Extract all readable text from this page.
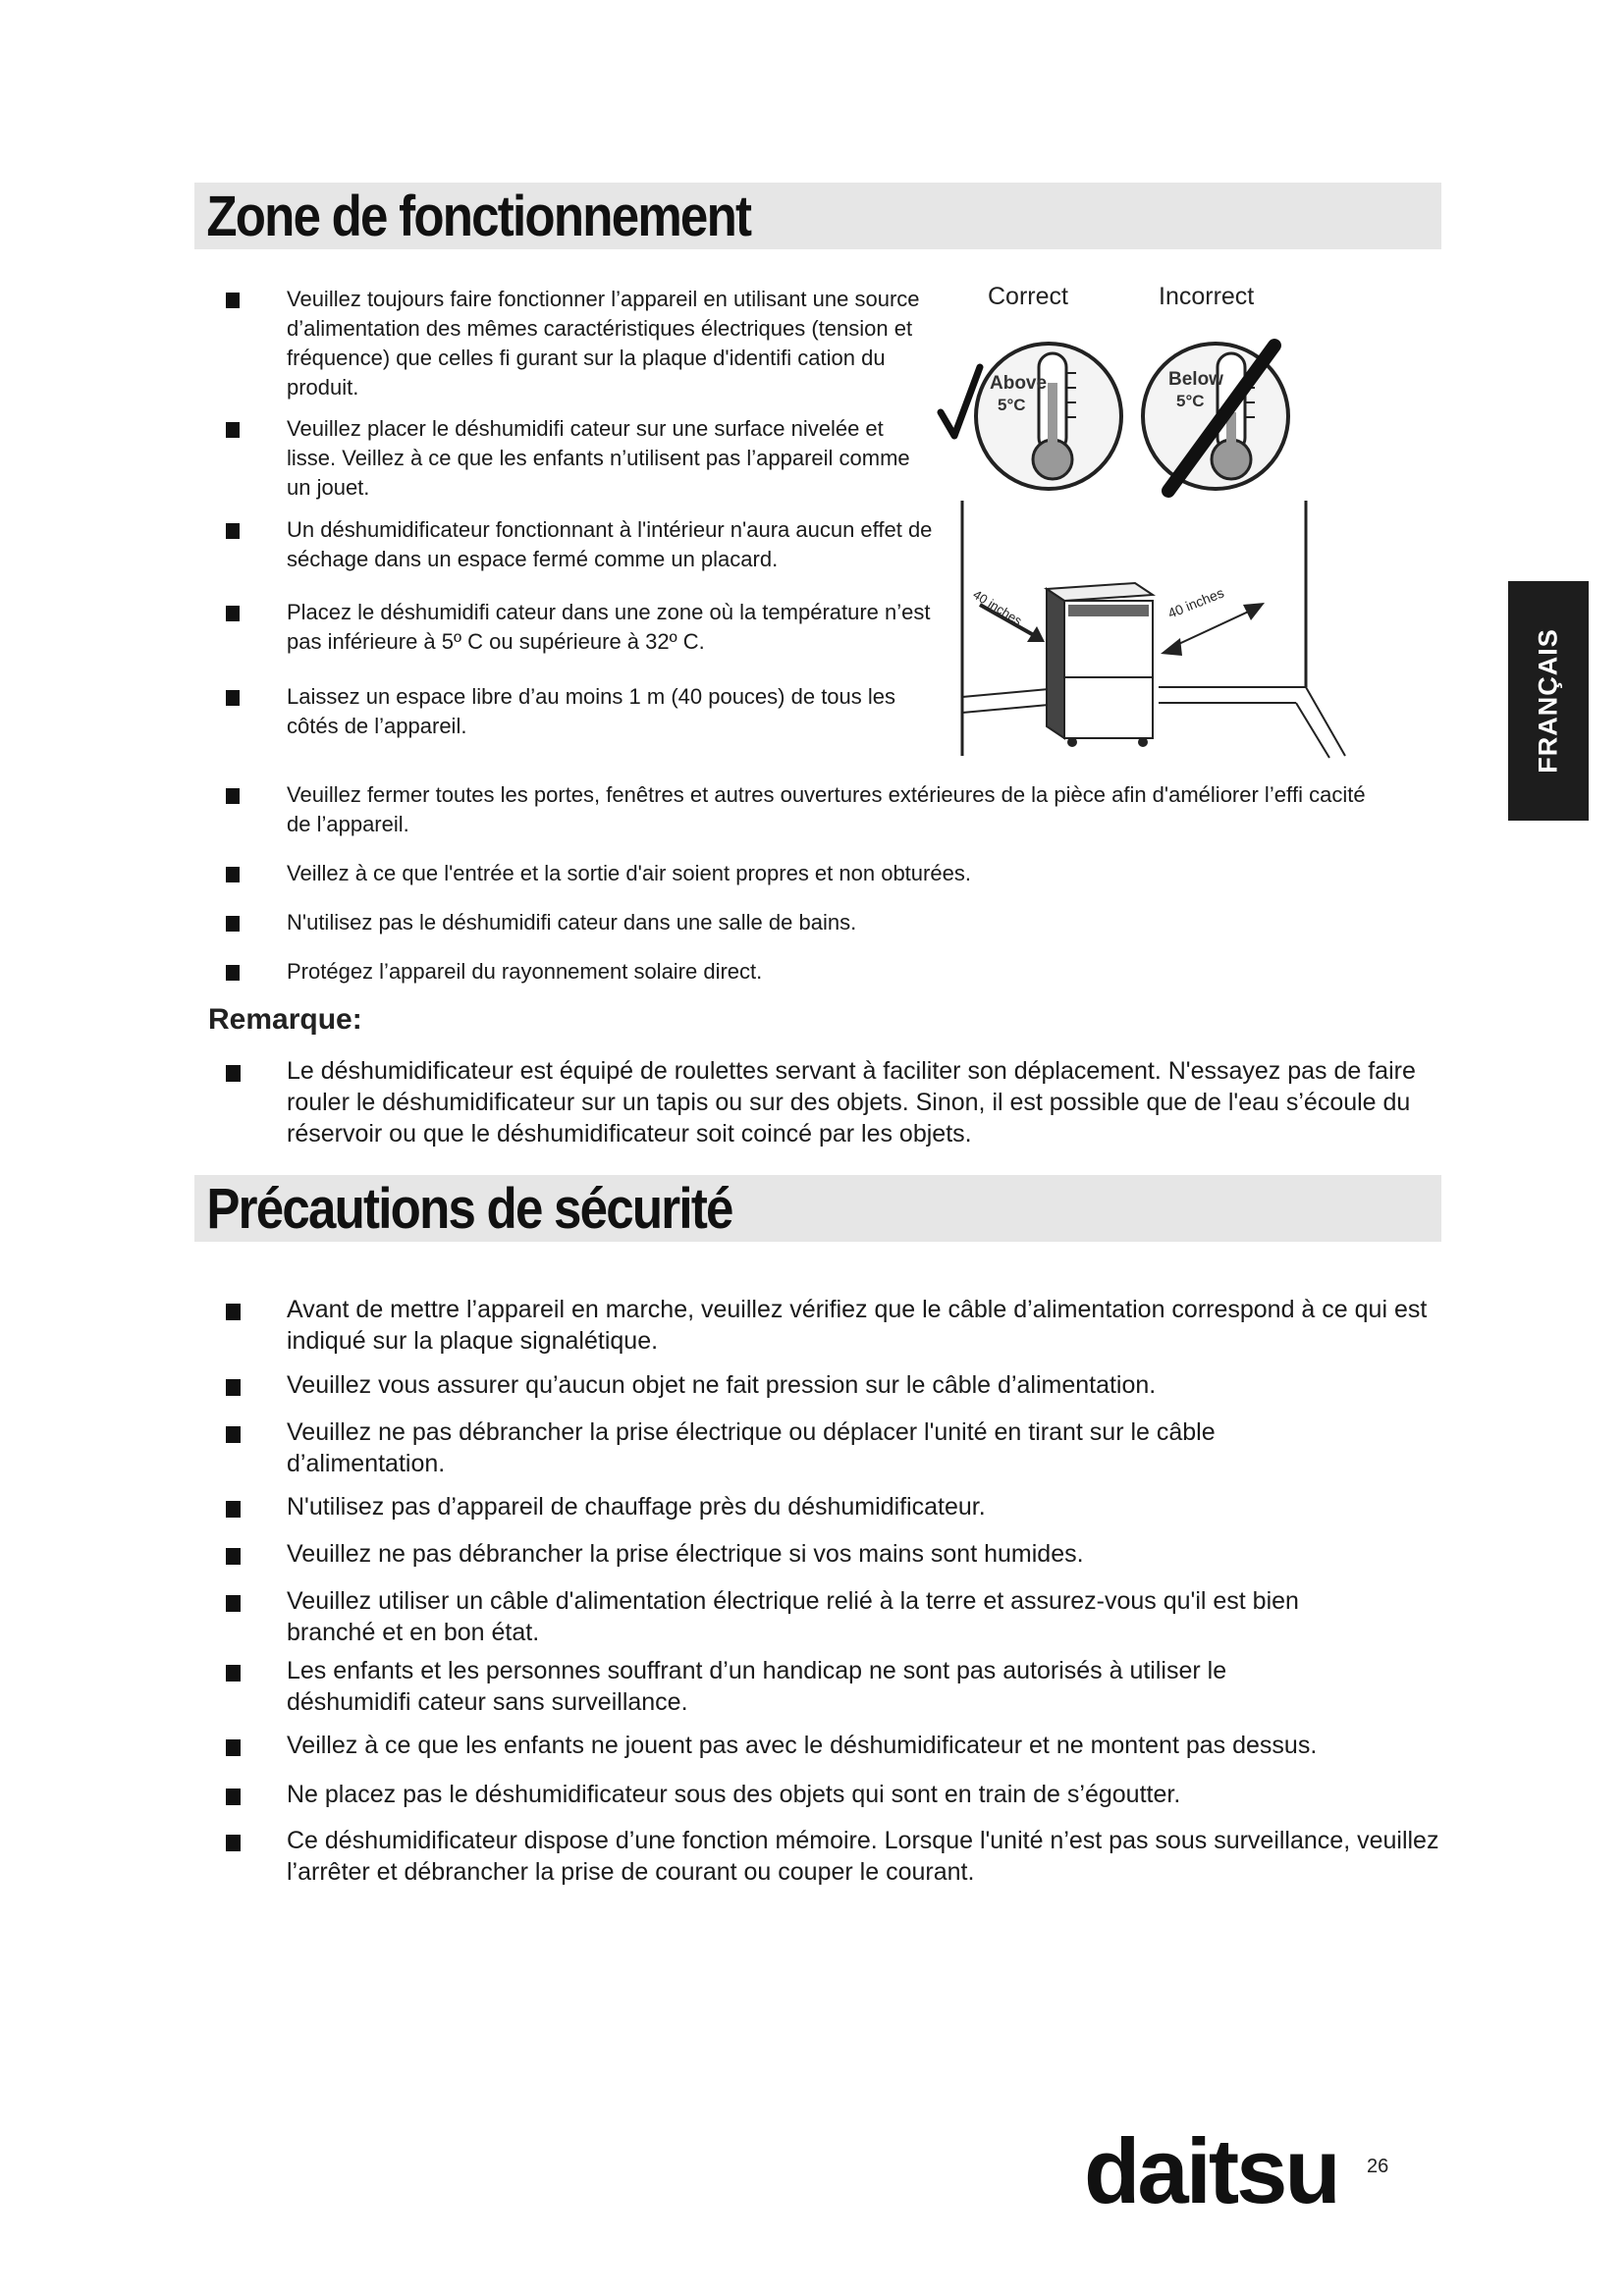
Zone de fonctionnement
Veuillez toujours faire fonctionner l’appareil en utilisant une source d’alimentation des mêmes caractéristiques électriques (tension et fréquence) que celles ﬁ gurant sur la plaque d'identiﬁ cation du produit.
Veuillez placer le déshumidiﬁ cateur sur une surface nivelée et lisse. Veillez à ce que les enfants n’utilisent pas l’appareil comme un jouet.
Un déshumidiﬁcateur fonctionnant à l'intérieur n'aura aucun effet de séchage dans un espace fermé comme un placard.
Placez le déshumidiﬁ cateur dans une zone où la température n’est pas inférieure à 5º C ou supérieure à 32º C.
Laissez un espace libre d’au moins 1 m (40 pouces) de tous les côtés de l’appareil.
Veuillez fermer toutes les portes, fenêtres et autres ouvertures extérieures de la pièce aﬁn d'améliorer l’efﬁ cacité de l’appareil.
Veillez à ce que l'entrée et la sortie d'air soient propres et non obturées.
N'utilisez pas le déshumidiﬁ cateur dans une salle de bains.
Protégez l’appareil du rayonnement solaire direct.
Correct	Incorrect
Above
5°C
Below
5°C
40 inches	40 inches
Remarque:
Le déshumidiﬁcateur est équipé de roulettes servant à faciliter son déplacement. N'essayez pas de faire rouler le déshumidiﬁcateur sur un tapis ou sur des objets. Sinon, il est possible que de l'eau s’écoule du réservoir ou que le déshumidiﬁcateur soit coincé par les objets.
Précautions de sécurité
Avant de mettre l’appareil en marche, veuillez vériﬁez que le câble d’alimentation correspond à ce qui est indiqué sur la plaque signalétique.
Veuillez vous assurer qu’aucun objet ne fait pression sur le câble d’alimentation.
Veuillez ne pas débrancher la prise électrique ou déplacer l'unité en tirant sur le câble d’alimentation.
N'utilisez pas d’appareil de chauffage près du déshumidiﬁcateur.
Veuillez ne pas débrancher la prise électrique si vos mains sont humides.
Veuillez utiliser un câble d'alimentation électrique relié à la terre et assurez-vous qu'il est bien branché et en bon état.
Les enfants et les personnes souffrant d’un handicap ne sont pas autorisés à utiliser le déshumidiﬁ cateur sans surveillance.
Veillez à ce que les enfants ne jouent pas avec le déshumidiﬁcateur et ne montent pas dessus.
Ne placez pas le déshumidiﬁcateur sous des objets qui sont en train de s’égoutter.
Ce déshumidiﬁcateur dispose d’une fonction mémoire. Lorsque l'unité n’est pas sous surveillance, veuillez l’arrêter et débrancher la prise de courant ou couper le courant.
FRANÇAIS
daitsu 26
